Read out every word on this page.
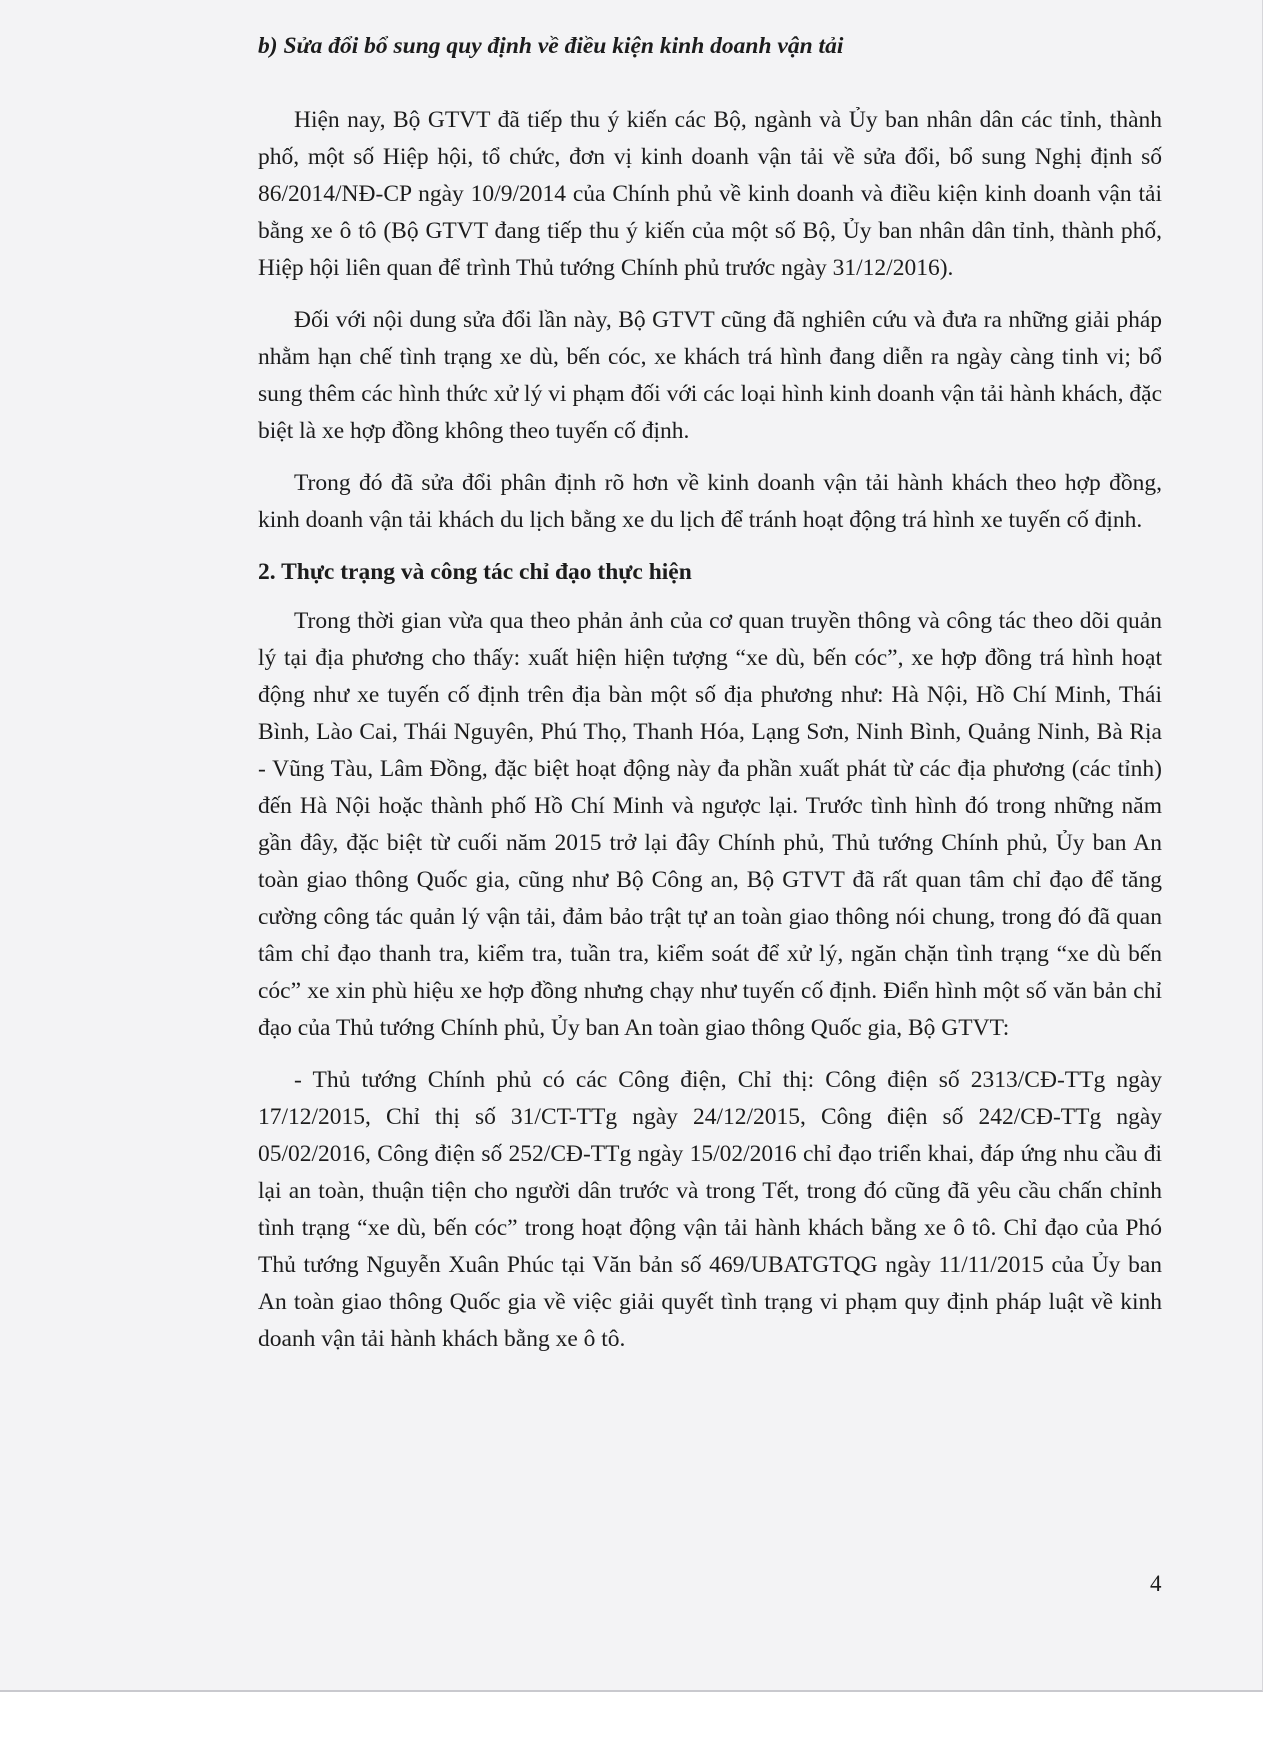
b) Sửa đổi bổ sung quy định về điều kiện kinh doanh vận tải

Hiện nay, Bộ GTVT đã tiếp thu ý kiến các Bộ, ngành và Ủy ban nhân dân các tỉnh, thành phố, một số Hiệp hội, tổ chức, đơn vị kinh doanh vận tải về sửa đổi, bổ sung Nghị định số 86/2014/NĐ-CP ngày 10/9/2014 của Chính phủ về kinh doanh và điều kiện kinh doanh vận tải bằng xe ô tô (Bộ GTVT đang tiếp thu ý kiến của một số Bộ, Ủy ban nhân dân tỉnh, thành phố, Hiệp hội liên quan để trình Thủ tướng Chính phủ trước ngày 31/12/2016).

Đối với nội dung sửa đổi lần này, Bộ GTVT cũng đã nghiên cứu và đưa ra những giải pháp nhằm hạn chế tình trạng xe dù, bến cóc, xe khách trá hình đang diễn ra ngày càng tinh vi; bổ sung thêm các hình thức xử lý vi phạm đối với các loại hình kinh doanh vận tải hành khách, đặc biệt là xe hợp đồng không theo tuyến cố định.

Trong đó đã sửa đổi phân định rõ hơn về kinh doanh vận tải hành khách theo hợp đồng, kinh doanh vận tải khách du lịch bằng xe du lịch để tránh hoạt động trá hình xe tuyến cố định.

2. Thực trạng và công tác chỉ đạo thực hiện

Trong thời gian vừa qua theo phản ảnh của cơ quan truyền thông và công tác theo dõi quản lý tại địa phương cho thấy: xuất hiện hiện tượng “xe dù, bến cóc”, xe hợp đồng trá hình hoạt động như xe tuyến cố định trên địa bàn một số địa phương như: Hà Nội, Hồ Chí Minh, Thái Bình, Lào Cai, Thái Nguyên, Phú Thọ, Thanh Hóa, Lạng Sơn, Ninh Bình, Quảng Ninh, Bà Rịa - Vũng Tàu, Lâm Đồng, đặc biệt hoạt động này đa phần xuất phát từ các địa phương (các tỉnh) đến Hà Nội hoặc thành phố Hồ Chí Minh và ngược lại. Trước tình hình đó trong những năm gần đây, đặc biệt từ cuối năm 2015 trở lại đây Chính phủ, Thủ tướng Chính phủ, Ủy ban An toàn giao thông Quốc gia, cũng như Bộ Công an, Bộ GTVT đã rất quan tâm chỉ đạo để tăng cường công tác quản lý vận tải, đảm bảo trật tự an toàn giao thông nói chung, trong đó đã quan tâm chỉ đạo thanh tra, kiểm tra, tuần tra, kiểm soát để xử lý, ngăn chặn tình trạng “xe dù bến cóc” xe xin phù hiệu xe hợp đồng nhưng chạy như tuyến cố định. Điển hình một số văn bản chỉ đạo của Thủ tướng Chính phủ, Ủy ban An toàn giao thông Quốc gia, Bộ GTVT:

- Thủ tướng Chính phủ có các Công điện, Chỉ thị: Công điện số 2313/CĐ-TTg ngày 17/12/2015, Chỉ thị số 31/CT-TTg ngày 24/12/2015, Công điện số 242/CĐ-TTg ngày 05/02/2016, Công điện số 252/CĐ-TTg ngày 15/02/2016 chỉ đạo triển khai, đáp ứng nhu cầu đi lại an toàn, thuận tiện cho người dân trước và trong Tết, trong đó cũng đã yêu cầu chấn chỉnh tình trạng “xe dù, bến cóc” trong hoạt động vận tải hành khách bằng xe ô tô. Chỉ đạo của Phó Thủ tướng Nguyễn Xuân Phúc tại Văn bản số 469/UBATGTQG ngày 11/11/2015 của Ủy ban An toàn giao thông Quốc gia về việc giải quyết tình trạng vi phạm quy định pháp luật về kinh doanh vận tải hành khách bằng xe ô tô.

4
